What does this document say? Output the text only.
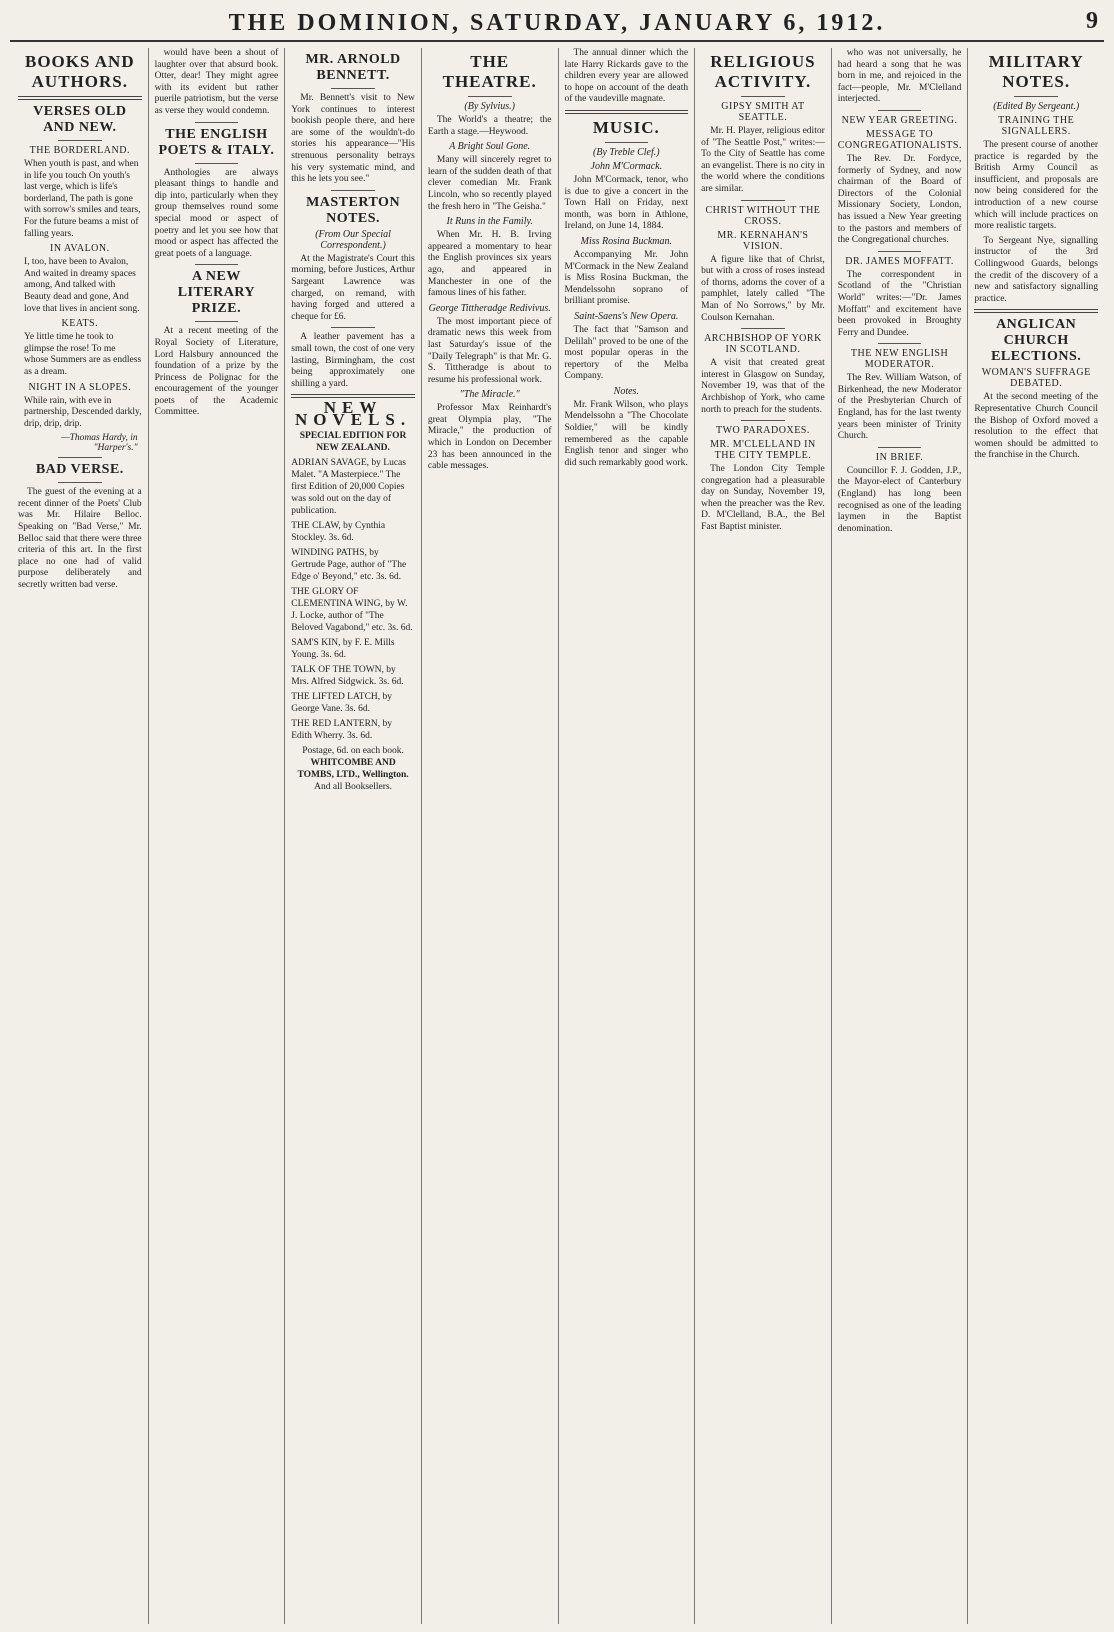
THE DOMINION, SATURDAY, JANUARY 6, 1912.	9
BOOKS AND AUTHORS.
VERSES OLD AND NEW.
THE BORDERLAND.

When youth is past, and when in life you touch On youth's last verge, which is life's borderland, The path is gone with sorrow's smiles and tears, For the future beams a mist of falling years.

IN AVALON.

I, too, have been to Avalon, And waited in dreamy spaces among, And talked with Beauty dead and gone, And love that lives in ancient song.

KEATS.

Ye little time he took to glimpse the rose! To me whose Summers are as endless as a dream.

NIGHT IN A SLOPES.

While rain, with eve in partnership, Descended darkly, drip, drip, drip.

—Thomas Hardy, in "Harper's."
BAD VERSE.

The guest of the evening at a recent dinner of the Poets' Club was Mr. Hilaire Belloc. Speaking on "Bad Verse," Mr. Belloc said that there were three criteria of this art. In the first place no one had of valid purpose deliberately and secretly written bad verse.

would have been a shout of laughter over that absurd book. Otter, dear! They might agree with its evident but rather puerile patriotism, but the verse as verse they would condemn.

THE ENGLISH POETS & ITALY.

Anthologies are always pleasant things to handle and dip into, particularly when they group themselves round some special mood or aspect of poetry and let you see how that mood or aspect has affected the great poets of a language.

A NEW LITERARY PRIZE.

At a recent meeting of the Royal Society of Literature, Lord Halsbury announced the foundation of a prize by the Princess de Polignac for the encouragement of the younger poets of the Academic Committee.

MR. ARNOLD BENNETT.

Mr. Bennett's visit to New York continues to interest bookish people there, and here are some of the wouldn't-do stories his appearance—"His strenuous personality betrays his very systematic mind, and this he lets you see."

MASTERTON NOTES.
(From Our Special Correspondent.)

At the Magistrate's Court this morning, before Justices, Arthur Sargeant Lawrence was charged, on remand, with having forged and uttered a cheque for £6.

A leather pavement has a small town, the cost of one very lasting, Birmingham, the cost being approximately one shilling a yard.

NEW NOVELS.
SPECIAL EDITION FOR NEW ZEALAND.
ADRIAN SAVAGE, by Lucas Malet. "A Masterpiece." The first Edition of 20,000 Copies was sold out on the day of publication.
THE CLAW, by Cynthia Stockley. 3s. 6d.
WINDING PATHS, by Gertrude Page, author of "The Edge o' Beyond," etc. 3s. 6d.
THE GLORY OF CLEMENTINA WING, by W. J. Locke, author of "The Beloved Vagabond," etc. 3s. 6d.
SAM'S KIN, by F. E. Mills Young. 3s. 6d.
TALK OF THE TOWN, by Mrs. Alfred Sidgwick. 3s. 6d.
THE LIFTED LATCH, by George Vane. 3s. 6d.
THE RED LANTERN, by Edith Wherry. 3s. 6d.
Postage, 6d. on each book.
WHITCOMBE AND TOMBS, LTD., Wellington.
And all Booksellers.
THE THEATRE.
(By Sylvius.)

The World's a theatre; the Earth a stage.—Heywood.

A Bright Soul Gone.

Many will sincerely regret to learn of the sudden death of that clever comedian Mr. Frank Lincoln, who so recently played the fresh hero in "The Geisha."

It Runs in the Family.

When Mr. H. B. Irving appeared a momentary to hear the English provinces six years ago, and appeared in Manchester in one of the famous lines of his father.

George Tittheradge Redivivus.

The most important piece of dramatic news this week from last Saturday's issue of the "Daily Telegraph" is that Mr. G. S. Tittheradge is about to resume his professional work.

"The Miracle."

Professor Max Reinhardt's great Olympia play, "The Miracle," the production of which in London on December 23 has been announced in the cable messages.

The annual dinner which the late Harry Rickards gave to the children every year are allowed to hope on account of the death of the vaudeville magnate.

MUSIC.
(By Treble Clef.)
John M'Cormack.

John M'Cormack, tenor, who is due to give a concert in the Town Hall on Friday, next month, was born in Athlone, Ireland, on June 14, 1884.

Miss Rosina Buckman.

Accompanying Mr. John M'Cormack in the New Zealand is Miss Rosina Buckman, the Mendelssohn soprano of brilliant promise.

Saint-Saens's New Opera.

The fact that "Samson and Delilah" proved to be one of the most popular operas in the repertory of the Melba Company.

Notes.

Mr. Frank Wilson, who plays Mendelssohn a "The Chocolate Soldier," will be kindly remembered as the capable English tenor and singer who did such remarkably good work.

RELIGIOUS ACTIVITY.
GIPSY SMITH AT SEATTLE.

Mr. H. Player, religious editor of "The Seattle Post," writes:— To the City of Seattle has come an evangelist. There is no city in the world where the conditions are similar.

CHRIST WITHOUT THE CROSS.
MR. KERNAHAN'S VISION.

A figure like that of Christ, but with a cross of roses instead of thorns, adorns the cover of a pamphlet, lately called "The Man of No Sorrows," by Mr. Coulson Kernahan.

ARCHBISHOP OF YORK IN SCOTLAND.

A visit that created great interest in Glasgow on Sunday, November 19, was that of the Archbishop of York, who came north to preach for the students.

TWO PARADOXES.
MR. M'CLELLAND IN THE CITY TEMPLE.

The London City Temple congregation had a pleasurable day on Sunday, November 19, when the preacher was the Rev. D. M'Clelland, B.A., the Bel Fast Baptist minister.

who was not universally, he had heard a song that he was born in me, and rejoiced in the fact—people, Mr. M'Clelland interjected.

NEW YEAR GREETING.
MESSAGE TO CONGREGATIONALISTS.

The Rev. Dr. Fordyce, formerly of Sydney, and now chairman of the Board of Directors of the Colonial Missionary Society, London, has issued a New Year greeting to the pastors and members of the Congregational churches.

DR. JAMES MOFFATT.

The correspondent in Scotland of the "Christian World" writes:—"Dr. James Moffatt" and excitement have been provoked in Broughty Ferry and Dundee.

THE NEW ENGLISH MODERATOR.

The Rev. William Watson, of Birkenhead, the new Moderator of the Presbyterian Church of England, has for the last twenty years been minister of Trinity Church.

IN BRIEF.

Councillor F. J. Godden, J.P., the Mayor-elect of Canterbury (England) has long been recognised as one of the leading laymen in the Baptist denomination.

MILITARY NOTES.
(Edited By Sergeant.)
TRAINING THE SIGNALLERS.

The present course of another practice is regarded by the British Army Council as insufficient, and proposals are now being considered for the introduction of a new course which will include practices on more realistic targets.

To Sergeant Nye, signalling instructor of the 3rd Collingwood Guards, belongs the credit of the discovery of a new and satisfactory signalling practice.

ANGLICAN CHURCH ELECTIONS.
WOMAN'S SUFFRAGE DEBATED.

At the second meeting of the Representative Church Council the Bishop of Oxford moved a resolution to the effect that women should be admitted to the franchise in the Church.
